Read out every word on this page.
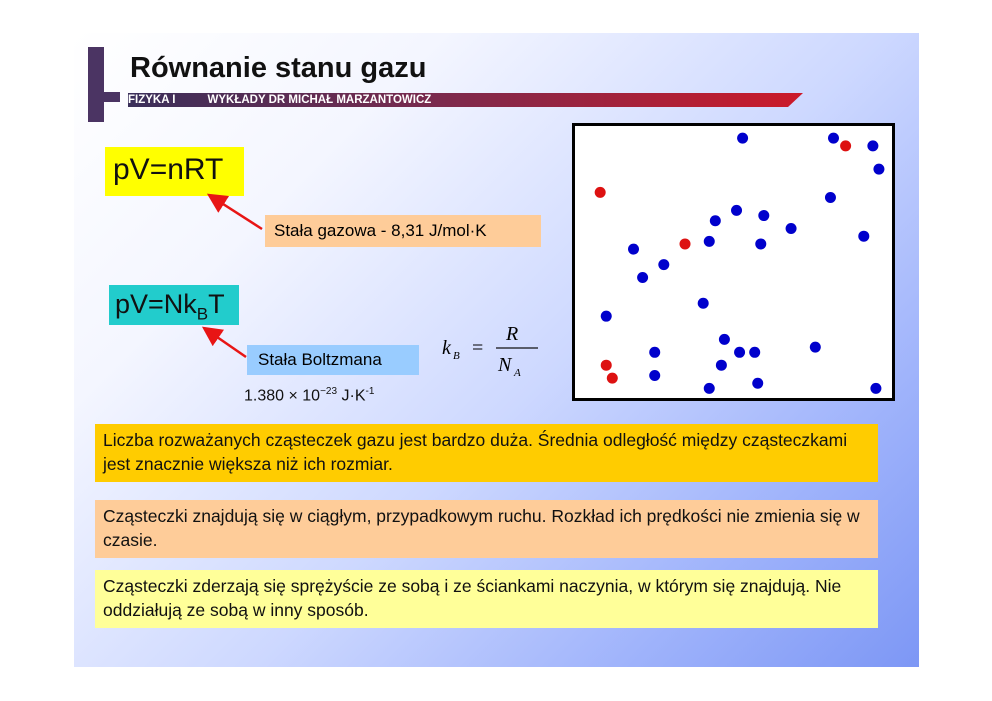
Równanie stanu gazu
FIZYKA I	WYKŁADY DR MICHAŁ MARZANTOWICZ
pV=nRT
$pV=Nk_BT$
Stała gazowa - 8,31 J/mol·K
Stała Boltzmana
$1.380 \times 10^{-23}$ $J\cdot K^{-1}$
k B =
R
N A
Liczba rozważanych cząsteczek gazu jest bardzo duża. Średnia odległość między cząsteczkami jest znacznie większa niż ich rozmiar.
Cząsteczki znajdują się w ciągłym, przypadkowym ruchu. Rozkład ich prędkości nie zmienia się w czasie.
Cząsteczki zderzają się sprężyście ze sobą i ze ściankami naczynia, w którym się znajdują. Nie oddziałują ze sobą w inny sposób.
